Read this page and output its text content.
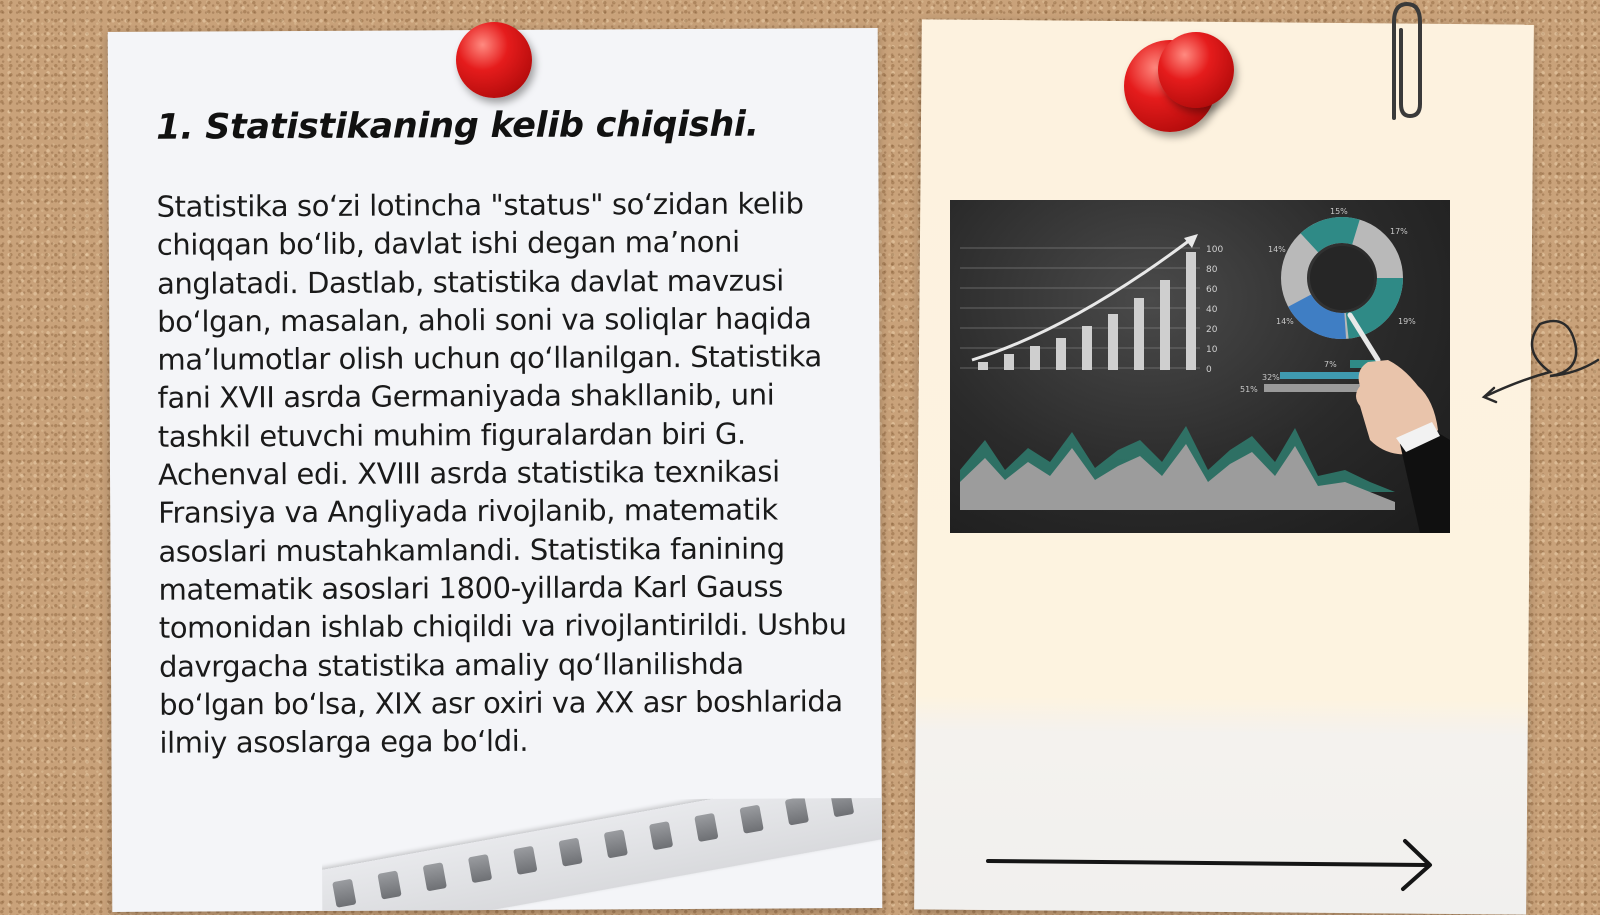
1. Statistikaning kelib chiqishi.

Statistika so‘zi lotincha "status" so‘zidan kelib chiqqan bo‘lib, davlat ishi degan ma’noni anglatadi. Dastlab, statistika davlat mavzusi bo‘lgan, masalan, aholi soni va soliqlar haqida ma’lumotlar olish uchun qo‘llanilgan. Statistika fani XVII asrda Germaniyada shakllanib, uni tashkil etuvchi muhim figuralardan biri G. Achenval edi. XVIII asrda statistika texnikasi Fransiya va Angliyada rivojlanib, matematik asoslari mustahkamlandi. Statistika fanining matematik asoslari 1800-yillarda Karl Gauss tomonidan ishlab chiqildi va rivojlantirildi. Ushbu davrgacha statistika amaliy qo‘llanilishda bo‘lgan bo‘lsa, XIX asr oxiri va XX asr boshlarida ilmiy asoslarga ega bo‘ldi.

100
80
60
40
20
10
0
14%
15%
17%
14%	19%
7%
32%
51%
